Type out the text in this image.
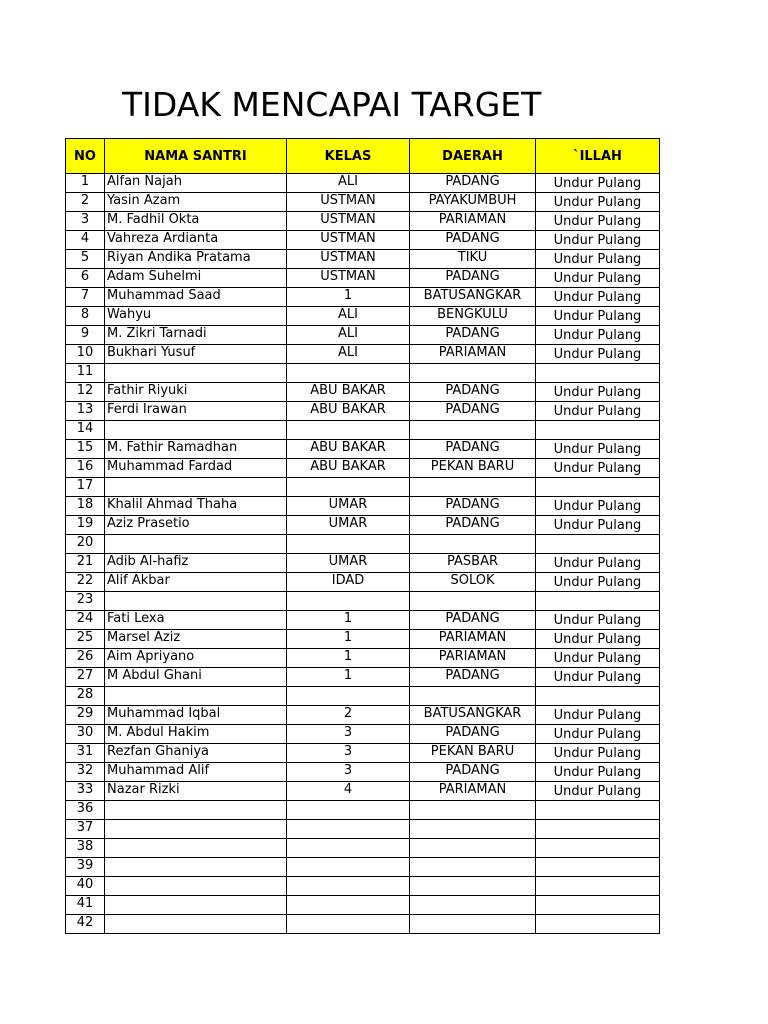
TIDAK MENCAPAI TARGET
NO	NAMA SANTRI	KELAS	DAERAH	`ILLAH
1	Alfan Najah	ALI	PADANG	Undur Pulang
2	Yasin Azam	USTMAN	PAYAKUMBUH	Undur Pulang
3	M. Fadhil Okta	USTMAN	PARIAMAN	Undur Pulang
4	Vahreza Ardianta	USTMAN	PADANG	Undur Pulang
5	Riyan Andika Pratama	USTMAN	TIKU	Undur Pulang
6	Adam Suhelmi	USTMAN	PADANG	Undur Pulang
7	Muhammad Saad	1	BATUSANGKAR	Undur Pulang
8	Wahyu	ALI	BENGKULU	Undur Pulang
9	M. Zikri Tarnadi	ALI	PADANG	Undur Pulang
10	Bukhari Yusuf	ALI	PARIAMAN	Undur Pulang
11				
12	Fathir Riyuki	ABU BAKAR	PADANG	Undur Pulang
13	Ferdi Irawan	ABU BAKAR	PADANG	Undur Pulang
14				
15	M. Fathir Ramadhan	ABU BAKAR	PADANG	Undur Pulang
16	Muhammad Fardad	ABU BAKAR	PEKAN BARU	Undur Pulang
17				
18	Khalil Ahmad Thaha	UMAR	PADANG	Undur Pulang
19	Aziz Prasetio	UMAR	PADANG	Undur Pulang
20				
21	Adib Al-hafiz	UMAR	PASBAR	Undur Pulang
22	Alif Akbar	IDAD	SOLOK	Undur Pulang
23				
24	Fati Lexa	1	PADANG	Undur Pulang
25	Marsel Aziz	1	PARIAMAN	Undur Pulang
26	Aim Apriyano	1	PARIAMAN	Undur Pulang
27	M Abdul Ghani	1	PADANG	Undur Pulang
28				
29	Muhammad Iqbal	2	BATUSANGKAR	Undur Pulang
30	M. Abdul Hakim	3	PADANG	Undur Pulang
31	Rezfan Ghaniya	3	PEKAN BARU	Undur Pulang
32	Muhammad Alif	3	PADANG	Undur Pulang
33	Nazar Rizki	4	PARIAMAN	Undur Pulang
36				
37				
38				
39				
40				
41				
42				
